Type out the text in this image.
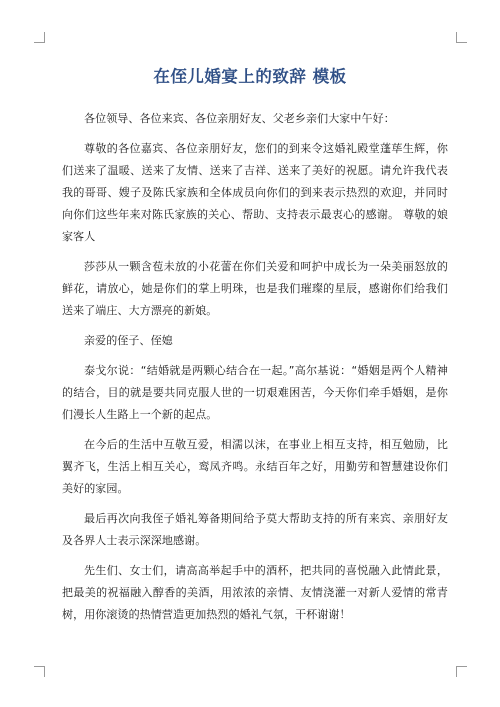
在侄儿婚宴上的致辞 模板

各位领导、各位来宾、各位亲朋好友、父老乡亲们大家中午好：

尊敬的各位嘉宾、各位亲朋好友，您们的到来令这婚礼殿堂蓬荜生辉，你们送来了温暖、送来了友情、送来了吉祥、送来了美好的祝愿。请允许我代表我的哥哥、嫂子及陈氏家族和全体成员向你们的到来表示热烈的欢迎，并同时向你们这些年来对陈氏家族的关心、帮助、支持表示最衷心的感谢。 尊敬的娘家客人

莎莎从一颗含苞未放的小花蕾在你们关爱和呵护中成长为一朵美丽怒放的鲜花，请放心，她是你们的掌上明珠，也是我们璀璨的星辰，感谢你们给我们送来了端庄、大方漂亮的新娘。

亲爱的侄子、侄媳

泰戈尔说：“结婚就是两颗心结合在一起。”高尔基说：“婚姻是两个人精神的结合，目的就是要共同克服人世的一切艰难困苦，今天你们牵手婚姻，是你们漫长人生路上一个新的起点。

在今后的生活中互敬互爱，相濡以沫，在事业上相互支持，相互勉励，比翼齐飞，生活上相互关心，鸾凤齐鸣。永结百年之好，用勤劳和智慧建设你们美好的家园。

最后再次向我侄子婚礼筹备期间给予莫大帮助支持的所有来宾、亲朋好友及各界人士表示深深地感谢。

先生们、女士们，请高高举起手中的酒杯，把共同的喜悦融入此情此景，把最美的祝福融入醇香的美酒，用浓浓的亲情、友情浇灌一对新人爱情的常青树，用你滚烫的热情营造更加热烈的婚礼气氛，干杯谢谢！
